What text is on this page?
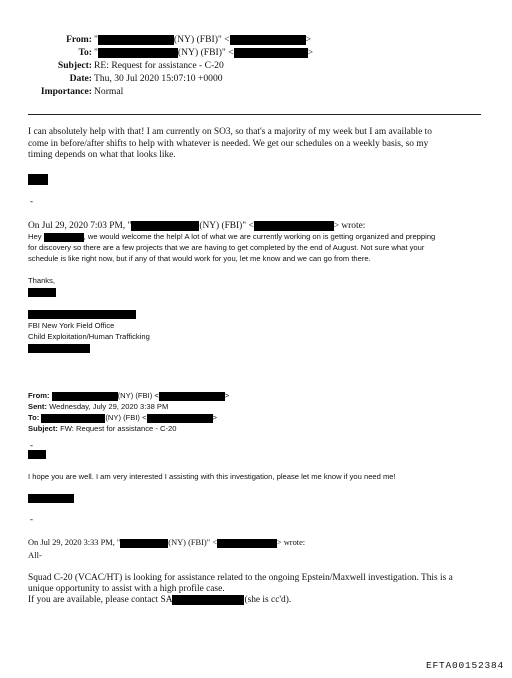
From: "	(NY) (FBI)" <	>
To: "	(NY) (FBI)" <	>
Subject: RE: Request for assistance - C-20
Date: Thu, 30 Jul 2020 15:07:10 +0000
Importance: Normal
I can absolutely help with that! I am currently on SO3, so that's a majority of my week but I am available to
come in before/after shifts to help with whatever is needed. We get our schedules on a weekly basis, so my
timing depends on what that looks like.
-
On Jul 29, 2020 7:03 PM, "	(NY) (FBI)" <	> wrote:
Hey	, we would welcome the help! A lot of what we are currently working on is getting organized and prepping
for discovery so there are a few projects that we are having to get completed by the end of August. Not sure what your
schedule is like right now, but if any of that would work for you, let me know and we can go from there.
Thanks,
FBI New York Field Office
Child Exploitation/Human Trafficking
From:	(NY) (FBI) <	>
Sent: Wednesday, July 29, 2020 3:38 PM
To:	(NY) (FBI) <	>
Subject: FW: Request for assistance - C-20
-
I hope you are well. I am very interested I assisting with this investigation, please let me know if you need me!
-
On Jul 29, 2020 3:33 PM, "	(NY) (FBI)" <	> wrote:
All-
Squad C-20 (VCAC/HT) is looking for assistance related to the ongoing Epstein/Maxwell investigation. This is a
unique opportunity to assist with a high profile case.
If you are available, please contact SA	(she is cc'd).
EFTA00152384
